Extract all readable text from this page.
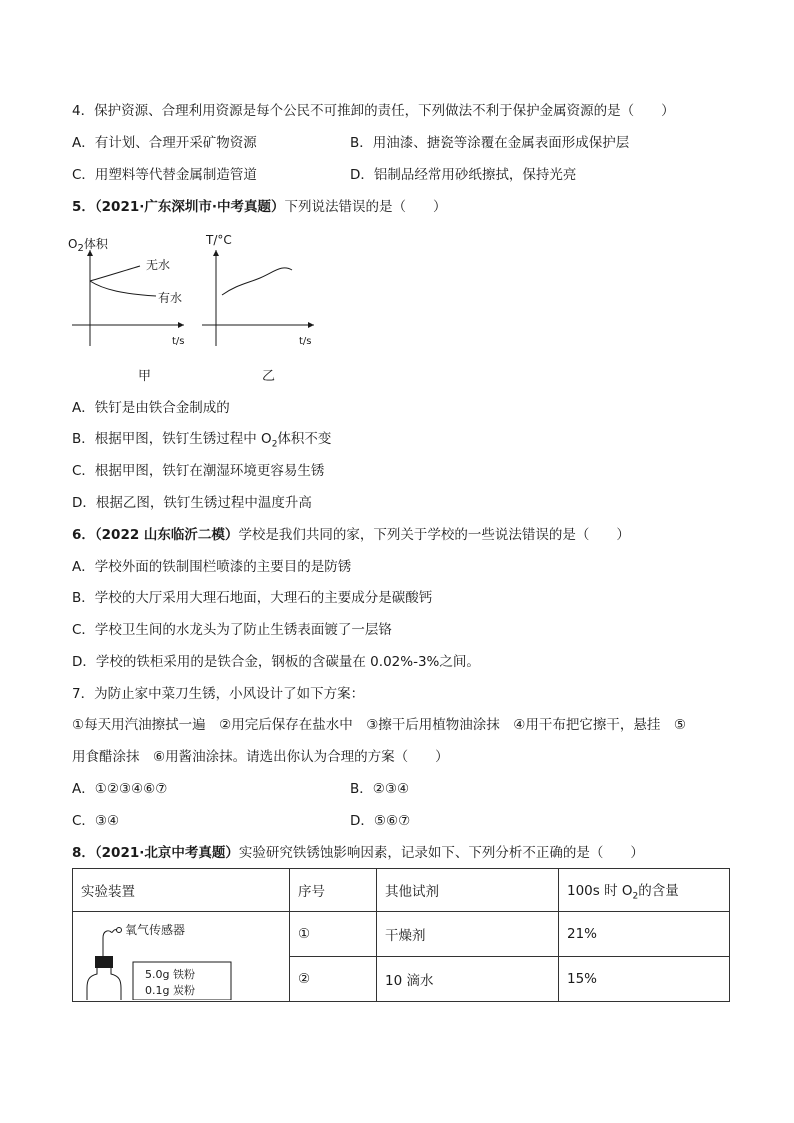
4．保护资源、合理利用资源是每个公民不可推卸的责任，下列做法不利于保护金属资源的是（　　）
A．有计划、合理开采矿物资源	B．用油漆、搪瓷等涂覆在金属表面形成保护层
C．用塑料等代替金属制造管道	D．铝制品经常用砂纸擦拭，保持光亮
5．（2021·广东深圳市·中考真题）下列说法错误的是（　　）
$O_2$体积
无水
有水
t/s
T/°C
t/s
甲	乙
A．铁钉是由铁合金制成的
B．根据甲图，铁钉生锈过程中 $O_2$体积不变
C．根据甲图，铁钉在潮湿环境更容易生锈
D．根据乙图，铁钉生锈过程中温度升高
6．（2022 山东临沂二模）学校是我们共同的家，下列关于学校的一些说法错误的是（　　）
A．学校外面的铁制围栏喷漆的主要目的是防锈
B．学校的大厅采用大理石地面，大理石的主要成分是碳酸钙
C．学校卫生间的水龙头为了防止生锈表面镀了一层铬
D．学校的铁柜采用的是铁合金，钢板的含碳量在 0.02%-3%之间。
7．为防止家中菜刀生锈，小风设计了如下方案：
①每天用汽油擦拭一遍　②用完后保存在盐水中　③擦干后用植物油涂抹　④用干布把它擦干，悬挂　⑤
用食醋涂抹　⑥用酱油涂抹。请选出你认为合理的方案（　　）
A．①②③④⑥⑦	B．②③④
C．③④	D．⑤⑥⑦
8．（2021·北京中考真题）实验研究铁锈蚀影响因素，记录如下、下列分析不正确的是（　　）
实验装置	序号	其他试剂	100s 时 $O_2$的含量

氧气传感器
5.0g 铁粉
0.1g 炭粉	①	干燥剂	21%
	②	10 滴水	15%
